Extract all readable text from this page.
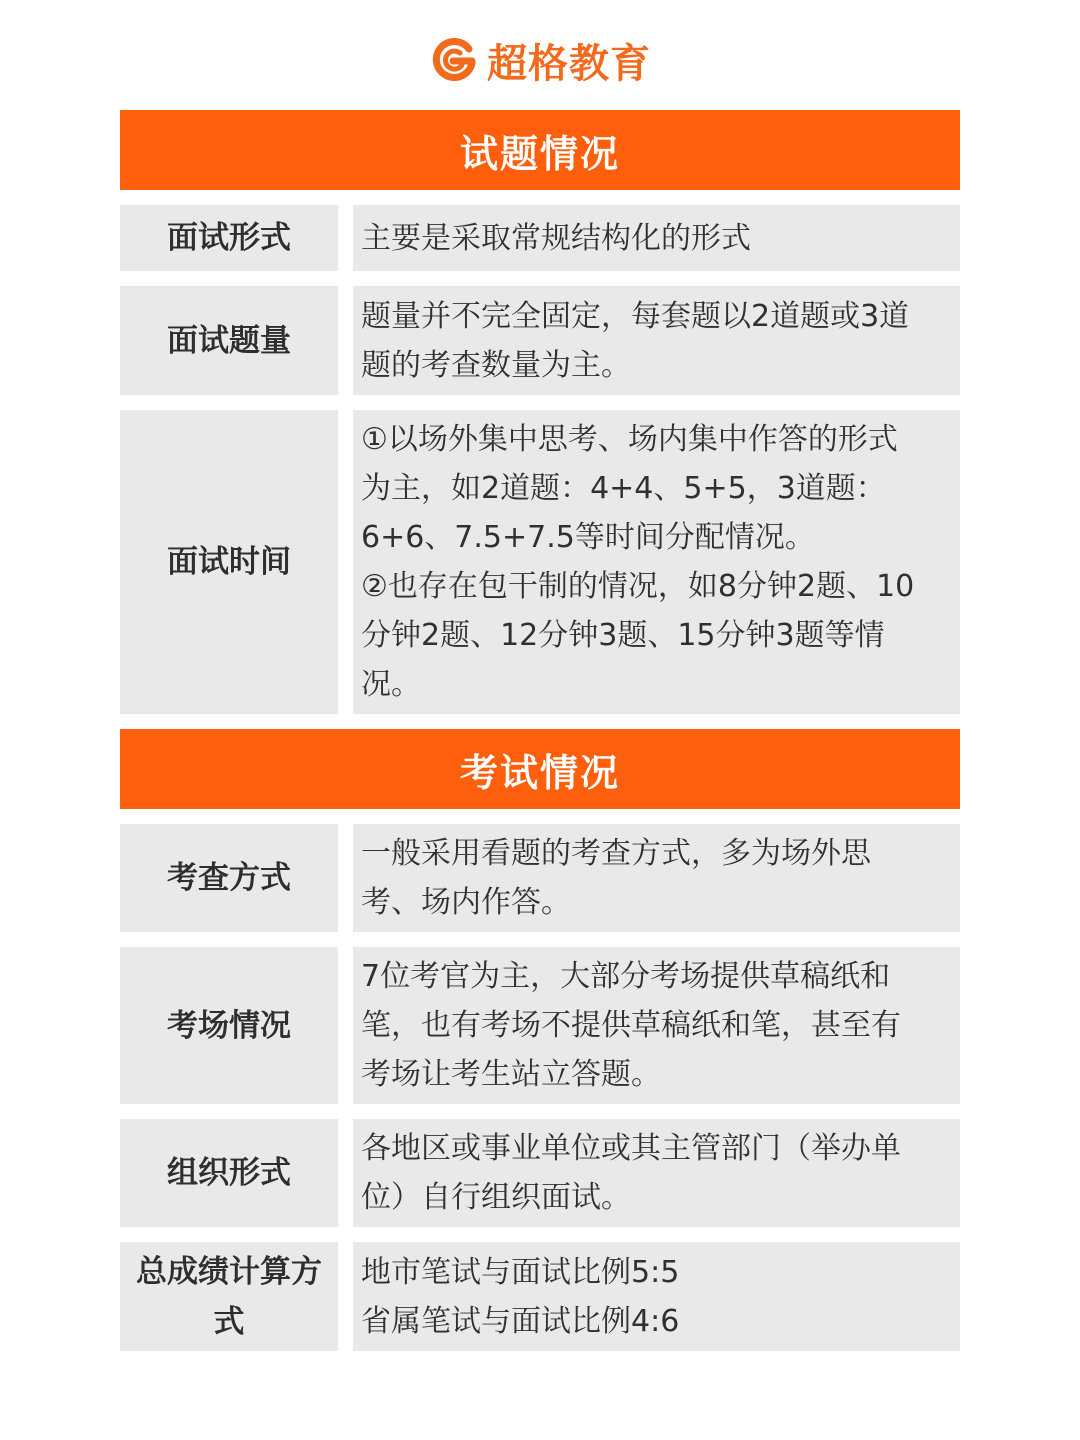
超格教育
试题情况
面试形式	主要是采取常规结构化的形式

面试题量

题量并不完全固定，每套题以2道题或3道

题的考查数量为主。

面试时间

①以场外集中思考、场内集中作答的形式

为主，如2道题：4+4、5+5，3道题：

6+6、7.5+7.5等时间分配情况。

②也存在包干制的情况，如8分钟2题、10

分钟2题、12分钟3题、15分钟3题等情

况。

考试情况
考查方式

一般采用看题的考查方式，多为场外思

考、场内作答。

考场情况

7位考官为主，大部分考场提供草稿纸和

笔，也有考场不提供草稿纸和笔，甚至有

考场让考生站立答题。

组织形式

各地区或事业单位或其主管部门（举办单

位）自行组织面试。

总成绩计算方式

地市笔试与面试比例5:5

省属笔试与面试比例4:6
